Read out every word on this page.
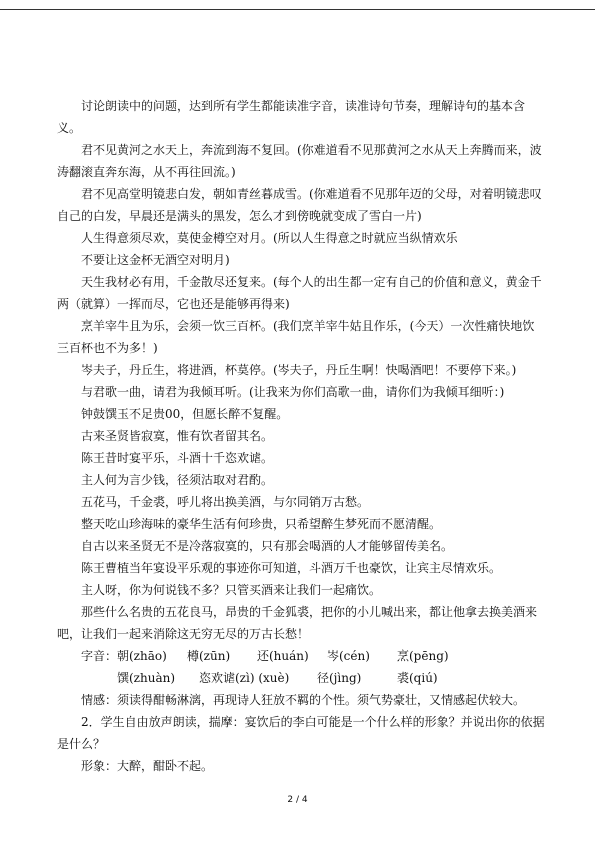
讨论朗读中的问题，达到所有学生都能读准字音，读准诗句节奏，理解诗句的基本含

义。

君不见黄河之水天上，奔流到海不复回。(你难道看不见那黄河之水从天上奔腾而来，波

涛翻滚直奔东海，从不再往回流。)

君不见高堂明镜悲白发，朝如青丝暮成雪。(你难道看不见那年迈的父母，对着明镜悲叹

自己的白发，早晨还是满头的黑发，怎么才到傍晚就变成了雪白一片)

人生得意须尽欢，莫使金樽空对月。(所以人生得意之时就应当纵情欢乐

不要让这金杯无酒空对明月)

天生我材必有用，千金散尽还复来。(每个人的出生都一定有自己的价值和意义，黄金千

两（就算）一挥而尽，它也还是能够再得来)

烹羊宰牛且为乐，会须一饮三百杯。(我们烹羊宰牛姑且作乐，(今天）一次性痛快地饮

三百杯也不为多！)

岑夫子，丹丘生，将进酒，杯莫停。(岑夫子，丹丘生啊！快喝酒吧！不要停下来。)

与君歌一曲，请君为我倾耳听。(让我来为你们高歌一曲，请你们为我倾耳细听：)

钟鼓馔玉不足贵00，但愿长醉不复醒。

古来圣贤皆寂寞，惟有饮者留其名。

陈王昔时宴平乐，斗酒十千恣欢谑。

主人何为言少钱，径须沽取对君酌。

五花马，千金裘，呼儿将出换美酒，与尔同销万古愁。

整天吃山珍海味的豪华生活有何珍贵，只希望醉生梦死而不愿清醒。

自古以来圣贤无不是冷落寂寞的，只有那会喝酒的人才能够留传美名。

陈王曹植当年宴设平乐观的事迹你可知道，斗酒万千也豪饮，让宾主尽情欢乐。

主人呀，你为何说钱不多？只管买酒来让我们一起痛饮。

那些什么名贵的五花良马，昂贵的千金狐裘，把你的小儿喊出来，都让他拿去换美酒来

吧，让我们一起来消除这无穷无尽的万古长愁！

字音： 朝(zhāo)	樽(zūn)	还(huán)	岑(cén)	烹(pēng)
馔(zhuàn)	恣欢谑(zì) (xuè)	径(jìng)	裘(qiú)

情感：须读得酣畅淋漓，再现诗人狂放不羁的个性。须气势豪壮，又情感起伏较大。

2．学生自由放声朗读，揣摩：宴饮后的李白可能是一个什么样的形象？并说出你的依据

是什么？

形象：大醉，酣卧不起。

2 / 4
